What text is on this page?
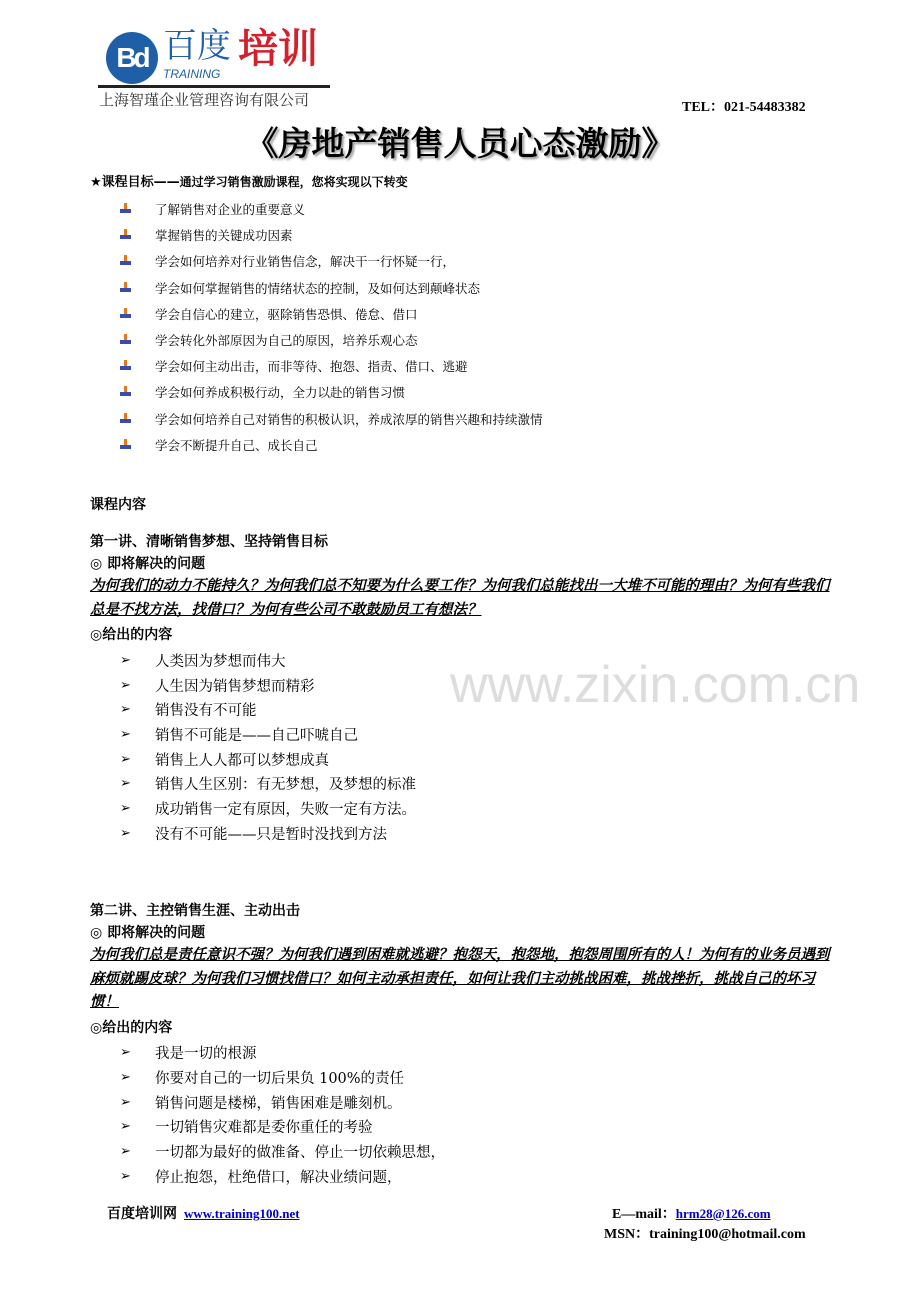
Bd 百度 培训
TRAINING
上海智瑾企业管理咨询有限公司	TEL：021-54483382
《房地产销售人员心态激励》
★课程目标——通过学习销售激励课程，您将实现以下转变
了解销售对企业的重要意义
掌握销售的关键成功因素
学会如何培养对行业销售信念，解决干一行怀疑一行，
学会如何掌握销售的情绪状态的控制，及如何达到颠峰状态
学会自信心的建立，驱除销售恐惧、倦怠、借口
学会转化外部原因为自己的原因，培养乐观心态
学会如何主动出击，而非等待、抱怨、指责、借口、逃避
学会如何养成积极行动，全力以赴的销售习惯
学会如何培养自己对销售的积极认识，养成浓厚的销售兴趣和持续激情
学会不断提升自己、成长自己
课程内容
第一讲、清晰销售梦想、坚持销售目标
◎ 即将解决的问题
为何我们的动力不能持久？为何我们总不知要为什么要工作？为何我们总能找出一大堆不可能的理由？为何有些我们总是不找方法，找借口？为何有些公司不敢鼓励员工有想法？
◎给出的内容
➢	人类因为梦想而伟大
➢	人生因为销售梦想而精彩
➢	销售没有不可能
➢	销售不可能是——自己吓唬自己
➢	销售上人人都可以梦想成真
➢	销售人生区别：有无梦想，及梦想的标准
➢	成功销售一定有原因，失败一定有方法。
➢	没有不可能——只是暂时没找到方法
第二讲、主控销售生涯、主动出击
◎ 即将解决的问题
为何我们总是责任意识不强？为何我们遇到困难就逃避？抱怨天，抱怨地，抱怨周围所有的人！为何有的业务员遇到麻烦就踢皮球？为何我们习惯找借口？如何主动承担责任，如何让我们主动挑战困难，挑战挫折，挑战自己的坏习惯！
◎给出的内容
➢	我是一切的根源
➢	你要对自己的一切后果负 100%的责任
➢	销售问题是楼梯，销售困难是雕刻机。
➢	一切销售灾难都是委你重任的考验
➢	一切都为最好的做准备、停止一切依赖思想，
➢	停止抱怨，杜绝借口，解决业绩问题，
www.zixin.com.cn
百度培训网 www.training100.net	E—mail：hrm28@126.com
MSN：training100@hotmail.com
